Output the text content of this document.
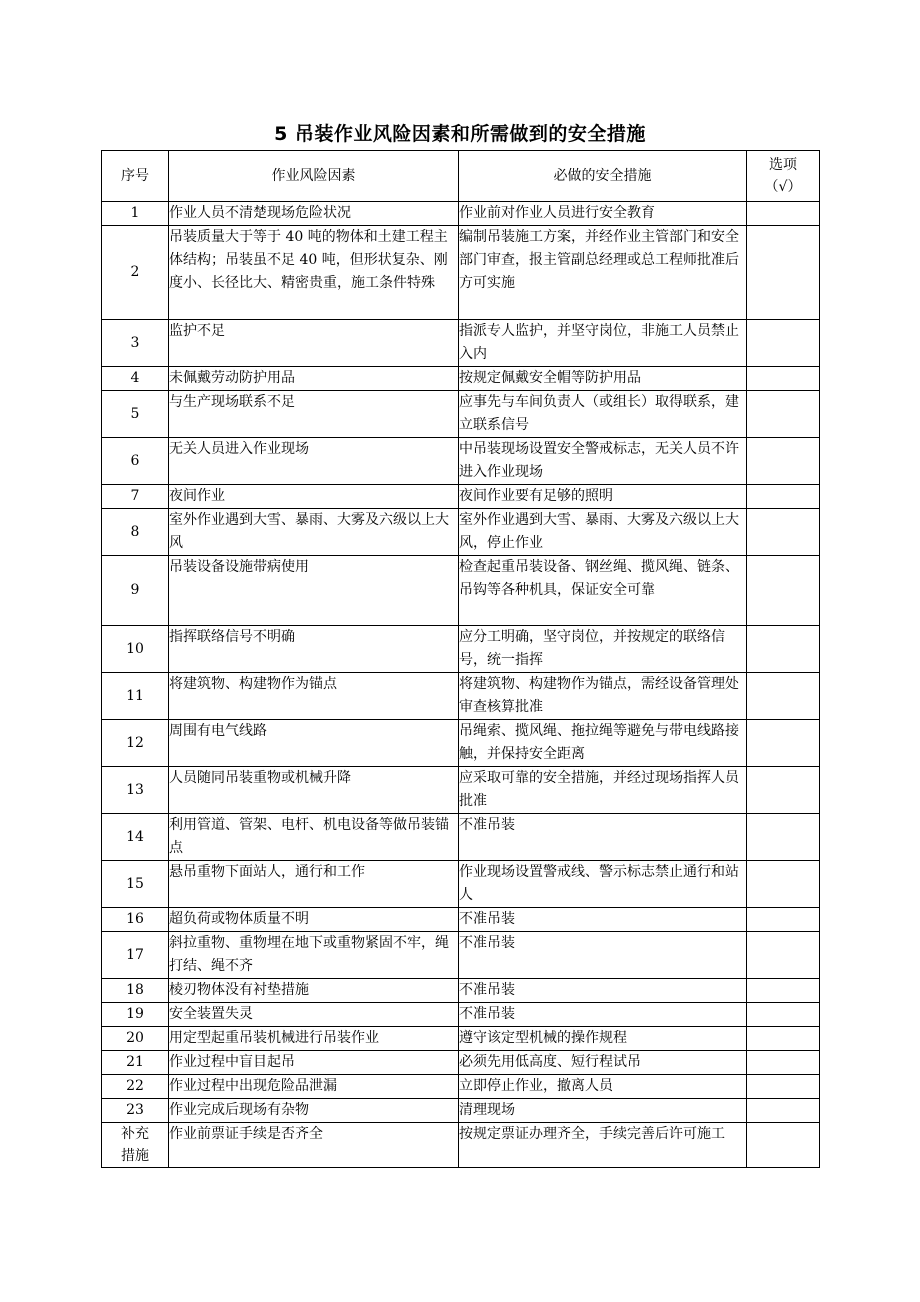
5 吊装作业风险因素和所需做到的安全措施
序号	作业风险因素	必做的安全措施	选项
（√）

1	作业人员不清楚现场危险状况	作业前对作业人员进行安全教育	
2	吊装质量大于等于 40 吨的物体和土建工程主体结构；吊装虽不足 40 吨，但形状复杂、刚度小、长径比大、精密贵重，施工条件特殊	编制吊装施工方案，并经作业主管部门和安全部门审查，报主管副总经理或总工程师批准后方可实施	
3	监护不足	指派专人监护，并坚守岗位，非施工人员禁止入内	
4	未佩戴劳动防护用品	按规定佩戴安全帽等防护用品	
5	与生产现场联系不足	应事先与车间负责人（或组长）取得联系，建立联系信号	
6	无关人员进入作业现场	中吊装现场设置安全警戒标志，无关人员不许进入作业现场	
7	夜间作业	夜间作业要有足够的照明	
8	室外作业遇到大雪、暴雨、大雾及六级以上大风	室外作业遇到大雪、暴雨、大雾及六级以上大风，停止作业	
9	吊装设备设施带病使用	检查起重吊装设备、钢丝绳、揽风绳、链条、吊钩等各种机具，保证安全可靠	
10	指挥联络信号不明确	应分工明确，坚守岗位，并按规定的联络信号，统一指挥	
11	将建筑物、构建物作为锚点	将建筑物、构建物作为锚点，需经设备管理处审查核算批准	
12	周围有电气线路	吊绳索、揽风绳、拖拉绳等避免与带电线路接触，并保持安全距离	
13	人员随同吊装重物或机械升降	应采取可靠的安全措施，并经过现场指挥人员批准	
14	利用管道、管架、电杆、机电设备等做吊装锚点	不准吊装	
15	悬吊重物下面站人，通行和工作	作业现场设置警戒线、警示标志禁止通行和站人	
16	超负荷或物体质量不明	不准吊装	
17	斜拉重物、重物埋在地下或重物紧固不牢，绳打结、绳不齐	不准吊装	
18	棱刃物体没有衬垫措施	不准吊装	
19	安全装置失灵	不准吊装	
20	用定型起重吊装机械进行吊装作业	遵守该定型机械的操作规程	
21	作业过程中盲目起吊	必须先用低高度、短行程试吊	
22	作业过程中出现危险品泄漏	立即停止作业，撤离人员	
23	作业完成后现场有杂物	清理现场	

补充
措施	作业前票证手续是否齐全	按规定票证办理齐全，手续完善后许可施工	
